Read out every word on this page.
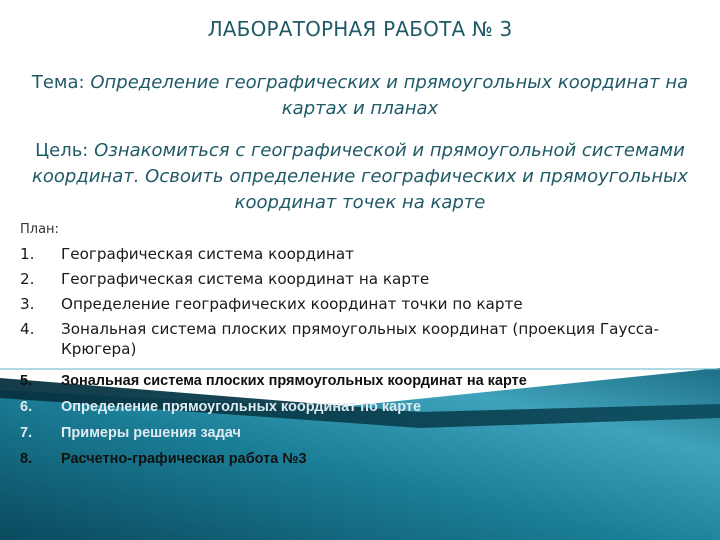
ЛАБОРАТОРНАЯ РАБОТА № 3
Тема: Определение географических и прямоугольных координат на картах и планах
Цель: Ознакомиться с географической и прямоугольной системами координат. Освоить определение географических и прямоугольных координат точек на карте
План:
1. Географическая система координат
2. Географическая система координат на карте
3. Определение географических координат точки по карте
4. Зональная система плоских прямоугольных координат (проекция Гаусса-Крюгера)
5. Зональная система плоских прямоугольных координат на карте
6. Определение прямоугольных координат по карте
7. Примеры решения задач
8. Расчетно-графическая работа №3
